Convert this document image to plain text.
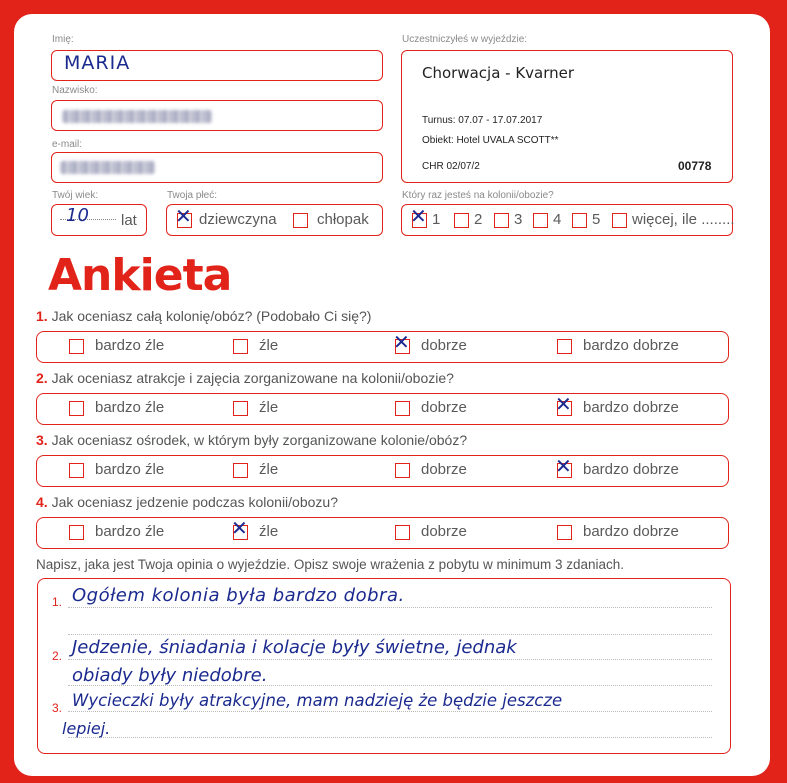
Imię:
MARIA
Nazwisko:
e-mail:
Twój wiek:
10 lat
Twoja płeć:
✕ dziewczyna	chłopak
Uczestniczyłeś w wyjeździe:
Chorwacja - Kvarner
Turnus: 07.07 - 17.07.2017
Obiekt: Hotel UVALA SCOTT**
CHR 02/07/2	00778
Który raz jesteś na kolonii/obozie?
✕ 1 2 3 4 5 więcej, ile ........
Ankieta
1. Jak oceniasz całą kolonię/obóz? (Podobało Ci się?)
bardzo źle	źle	✕ dobrze	bardzo dobrze
2. Jak oceniasz atrakcje i zajęcia zorganizowane na kolonii/obozie?
bardzo źle	źle	dobrze	✕ bardzo dobrze
3. Jak oceniasz ośrodek, w którym były zorganizowane kolonie/obóz?
bardzo źle	źle	dobrze	✕ bardzo dobrze
4. Jak oceniasz jedzenie podczas kolonii/obozu?
bardzo źle	✕ źle	dobrze	bardzo dobrze
Napisz, jaka jest Twoja opinia o wyjeździe. Opisz swoje wrażenia z pobytu w minimum 3 zdaniach.
1. Ogółem kolonia była bardzo dobra.
2. Jedzenie, śniadania i kolacje były świetne, jednak
obiady były niedobre.
3. Wycieczki były atrakcyjne, mam nadzieję że będzie jeszcze
lepiej.
